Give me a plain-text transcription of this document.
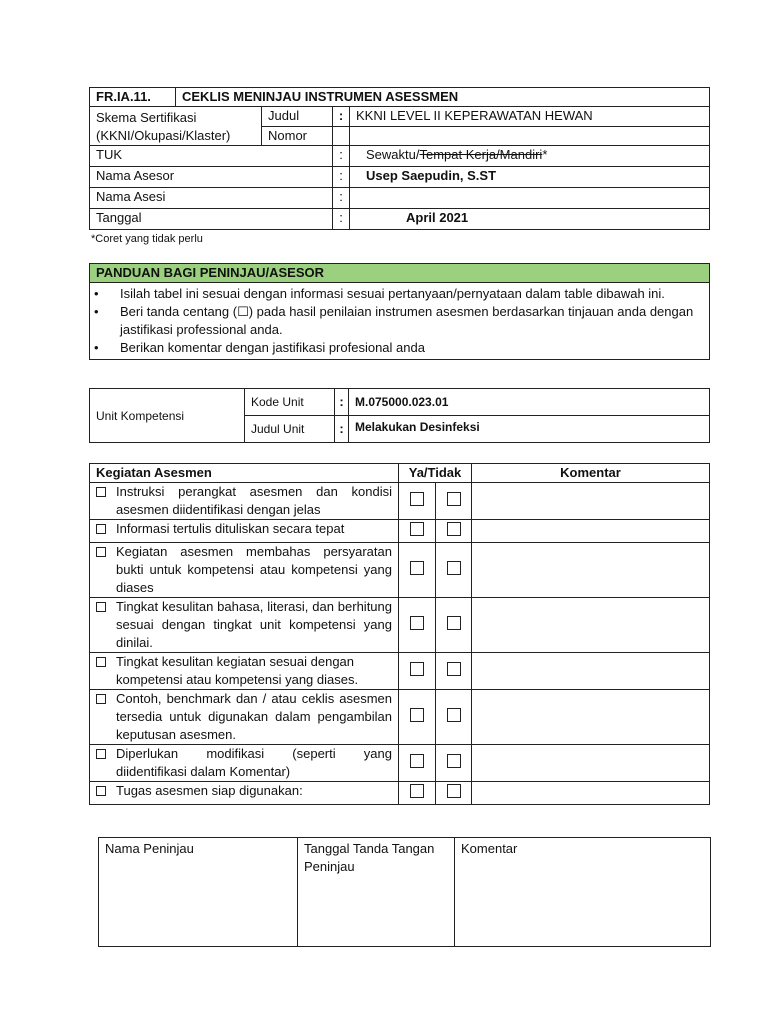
FR.IA.11.	CEKLIS MENINJAU INSTRUMEN ASESSMEN			

Skema Sertifikasi
(KKNI/Okupasi/Klaster)		Judul	:	KKNI LEVEL II KEPERAWATAN HEWAN
		Nomor		
TUK			:	Sewaktu/Tempat Kerja/Mandiri*
Nama Asesor			:	Usep Saepudin, S.ST
Nama Asesi			:	
Tanggal			:	April 2021
*Coret yang tidak perlu
PANDUAN BAGI PENINJAU/ASESOR

• Isilah tabel ini sesuai dengan informasi sesuai pertanyaan/pernyataan dalam table dibawah ini.
• Beri tanda centang (☐) pada hasil penilaian instrumen asesmen berdasarkan tinjauan anda dengan jastifikasi professional anda.
• Berikan komentar dengan jastifikasi profesional anda
Unit Kompetensi	Kode Unit	:	M.075000.023.01
	Judul Unit	:	Melakukan Desinfeksi
Kegiatan Asesmen	Ya/Tidak		Komentar

Instruksi perangkat asesmen dan kondisi asesmen diidentifikasi dengan jelas			

Informasi tertulis dituliskan secara tepat			

Kegiatan asesmen membahas persyaratan bukti untuk kompetensi atau kompetensi yang diases			

Tingkat kesulitan bahasa, literasi, dan berhitung sesuai dengan tingkat unit kompetensi yang dinilai.			

Tingkat kesulitan kegiatan sesuai dengan kompetensi atau kompetensi yang diases.			

Contoh, benchmark dan / atau ceklis asesmen tersedia untuk digunakan dalam pengambilan keputusan asesmen.			

Diperlukan modifikasi (seperti yang diidentifikasi dalam Komentar)			

Tugas asesmen siap digunakan:			

Nama Peninjau	Tanggal Tanda Tangan Peninjau	Komentar
